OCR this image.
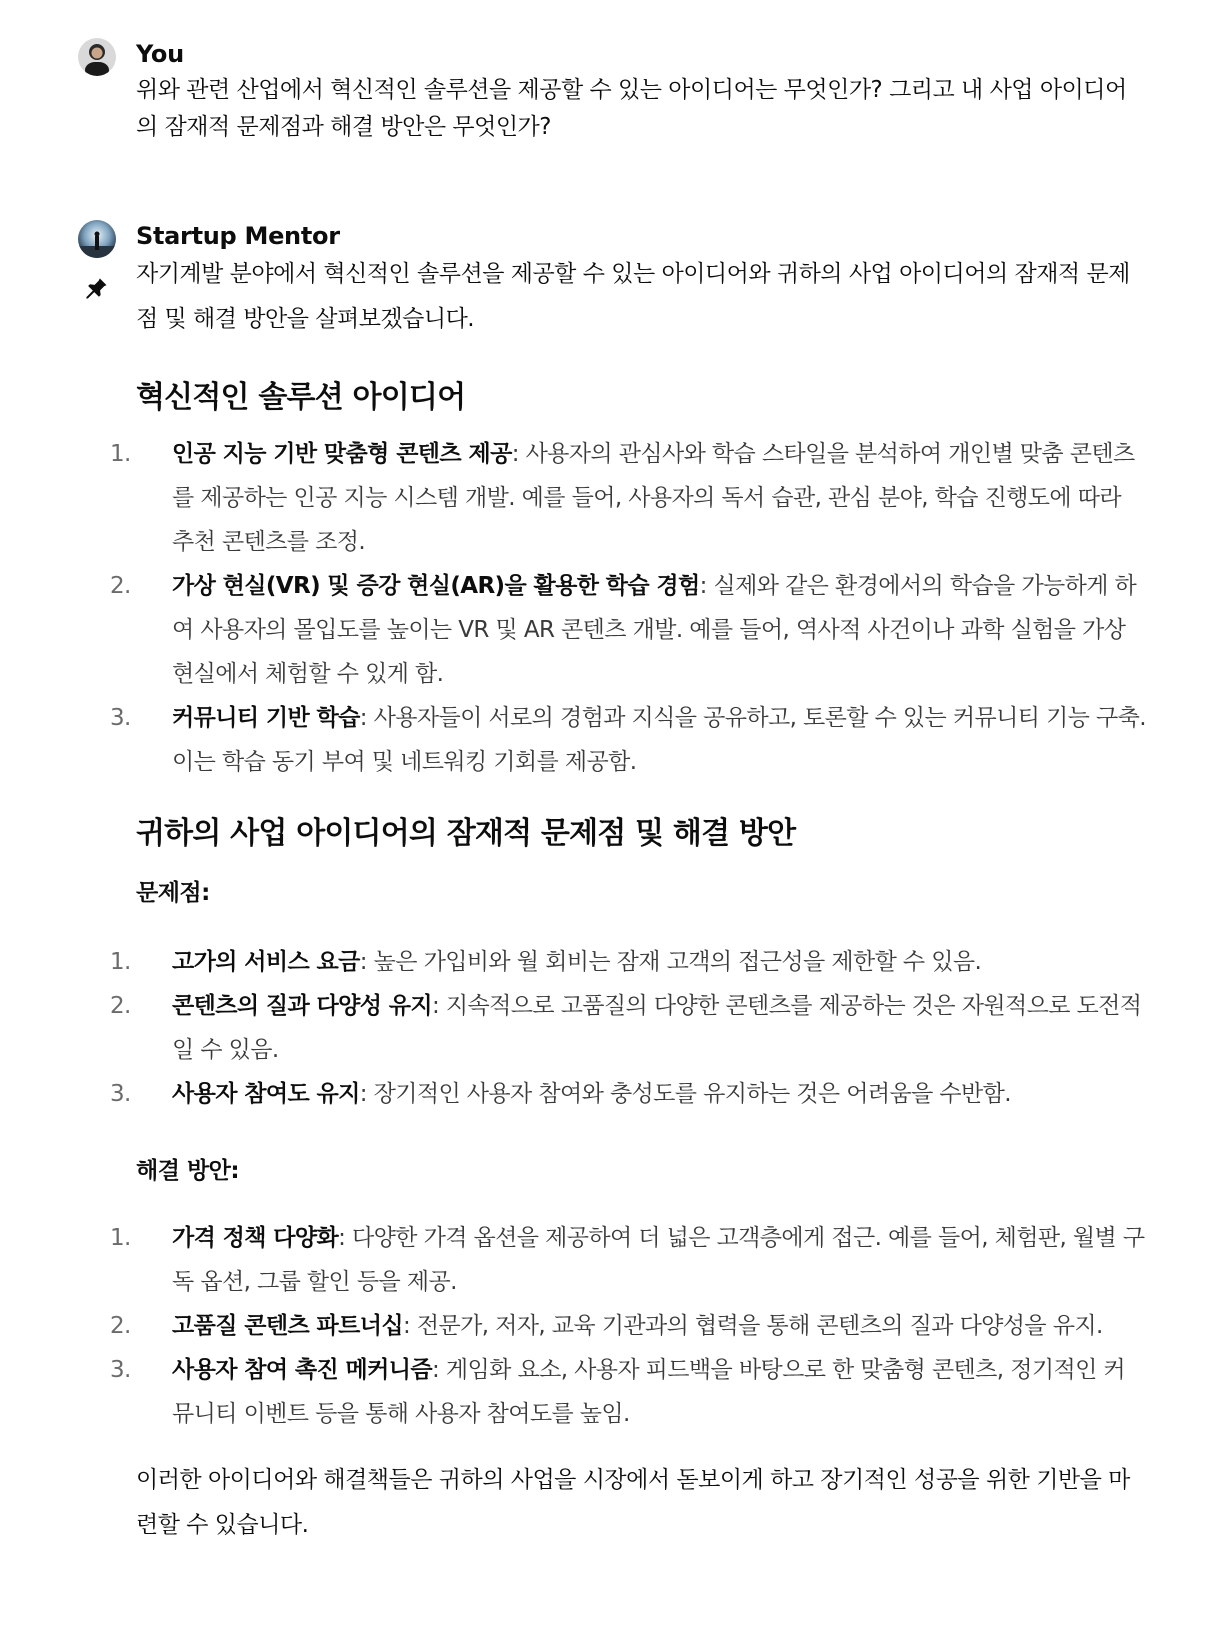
You
위와 관련 산업에서 혁신적인 솔루션을 제공할 수 있는 아이디어는 무엇인가? 그리고 내 사업 아이디어의 잠재적 문제점과 해결 방안은 무엇인가?
Startup Mentor
자기계발 분야에서 혁신적인 솔루션을 제공할 수 있는 아이디어와 귀하의 사업 아이디어의 잠재적 문제점 및 해결 방안을 살펴보겠습니다.
혁신적인 솔루션 아이디어
1.	인공 지능 기반 맞춤형 콘텐츠 제공: 사용자의 관심사와 학습 스타일을 분석하여 개인별 맞춤 콘텐츠를 제공하는 인공 지능 시스템 개발. 예를 들어, 사용자의 독서 습관, 관심 분야, 학습 진행도에 따라 추천 콘텐츠를 조정.
2.	가상 현실(VR) 및 증강 현실(AR)을 활용한 학습 경험: 실제와 같은 환경에서의 학습을 가능하게 하여 사용자의 몰입도를 높이는 VR 및 AR 콘텐츠 개발. 예를 들어, 역사적 사건이나 과학 실험을 가상 현실에서 체험할 수 있게 함.
3.	커뮤니티 기반 학습: 사용자들이 서로의 경험과 지식을 공유하고, 토론할 수 있는 커뮤니티 기능 구축. 이는 학습 동기 부여 및 네트워킹 기회를 제공함.
귀하의 사업 아이디어의 잠재적 문제점 및 해결 방안
문제점:
1.	고가의 서비스 요금: 높은 가입비와 월 회비는 잠재 고객의 접근성을 제한할 수 있음.
2.	콘텐츠의 질과 다양성 유지: 지속적으로 고품질의 다양한 콘텐츠를 제공하는 것은 자원적으로 도전적일 수 있음.
3.	사용자 참여도 유지: 장기적인 사용자 참여와 충성도를 유지하는 것은 어려움을 수반함.
해결 방안:
1.	가격 정책 다양화: 다양한 가격 옵션을 제공하여 더 넓은 고객층에게 접근. 예를 들어, 체험판, 월별 구독 옵션, 그룹 할인 등을 제공.
2.	고품질 콘텐츠 파트너십: 전문가, 저자, 교육 기관과의 협력을 통해 콘텐츠의 질과 다양성을 유지.
3.	사용자 참여 촉진 메커니즘: 게임화 요소, 사용자 피드백을 바탕으로 한 맞춤형 콘텐츠, 정기적인 커뮤니티 이벤트 등을 통해 사용자 참여도를 높임.
이러한 아이디어와 해결책들은 귀하의 사업을 시장에서 돋보이게 하고 장기적인 성공을 위한 기반을 마련할 수 있습니다.
